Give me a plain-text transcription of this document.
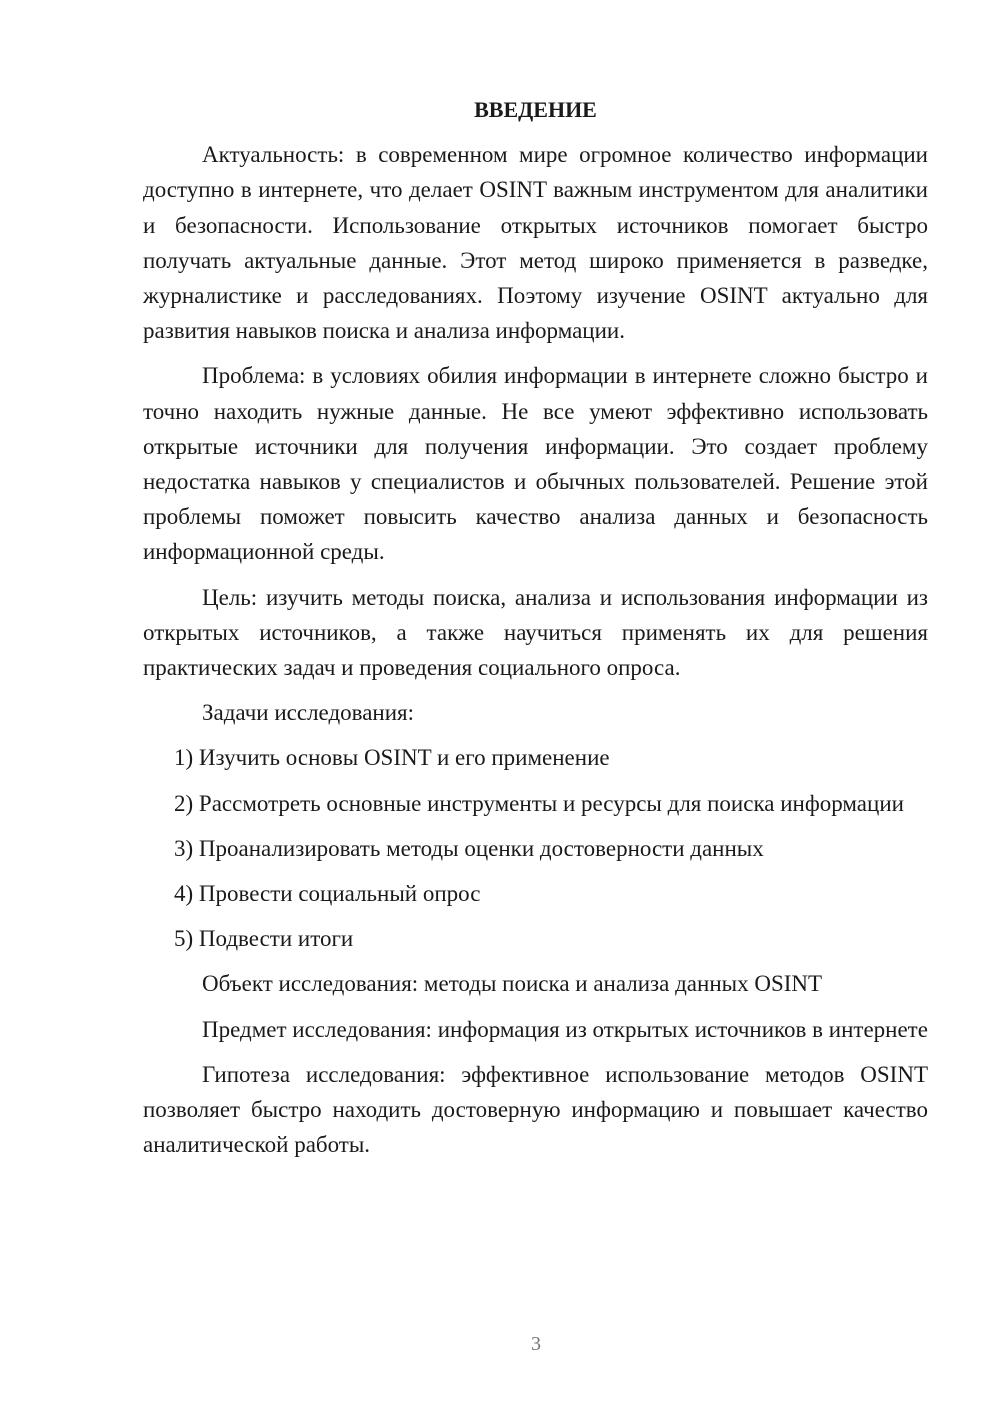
ВВЕДЕНИЕ

Актуальность: в современном мире огромное количество информации доступно в интернете, что делает OSINT важным инструментом для аналитики и безопасности. Использование открытых источников помогает быстро получать актуальные данные. Этот метод широко применяется в разведке, журналистике и расследованиях. Поэтому изучение OSINT актуально для развития навыков поиска и анализа информации.

Проблема: в условиях обилия информации в интернете сложно быстро и точно находить нужные данные. Не все умеют эффективно использовать открытые источники для получения информации. Это создает проблему недостатка навыков у специалистов и обычных пользователей. Решение этой проблемы поможет повысить качество анализа данных и безопасность информационной среды.

Цель: изучить методы поиска, анализа и использования информации из открытых источников, а также научиться применять их для решения практических задач и проведения социального опроса.

Задачи исследования:

1) Изучить основы OSINT и его применение

2) Рассмотреть основные инструменты и ресурсы для поиска информации

3) Проанализировать методы оценки достоверности данных

4) Провести социальный опрос

5) Подвести итоги

Объект исследования: методы поиска и анализа данных OSINT

Предмет исследования: информация из открытых источников в интернете

Гипотеза исследования: эффективное использование методов OSINT позволяет быстро находить достоверную информацию и повышает качество аналитической работы.

3
